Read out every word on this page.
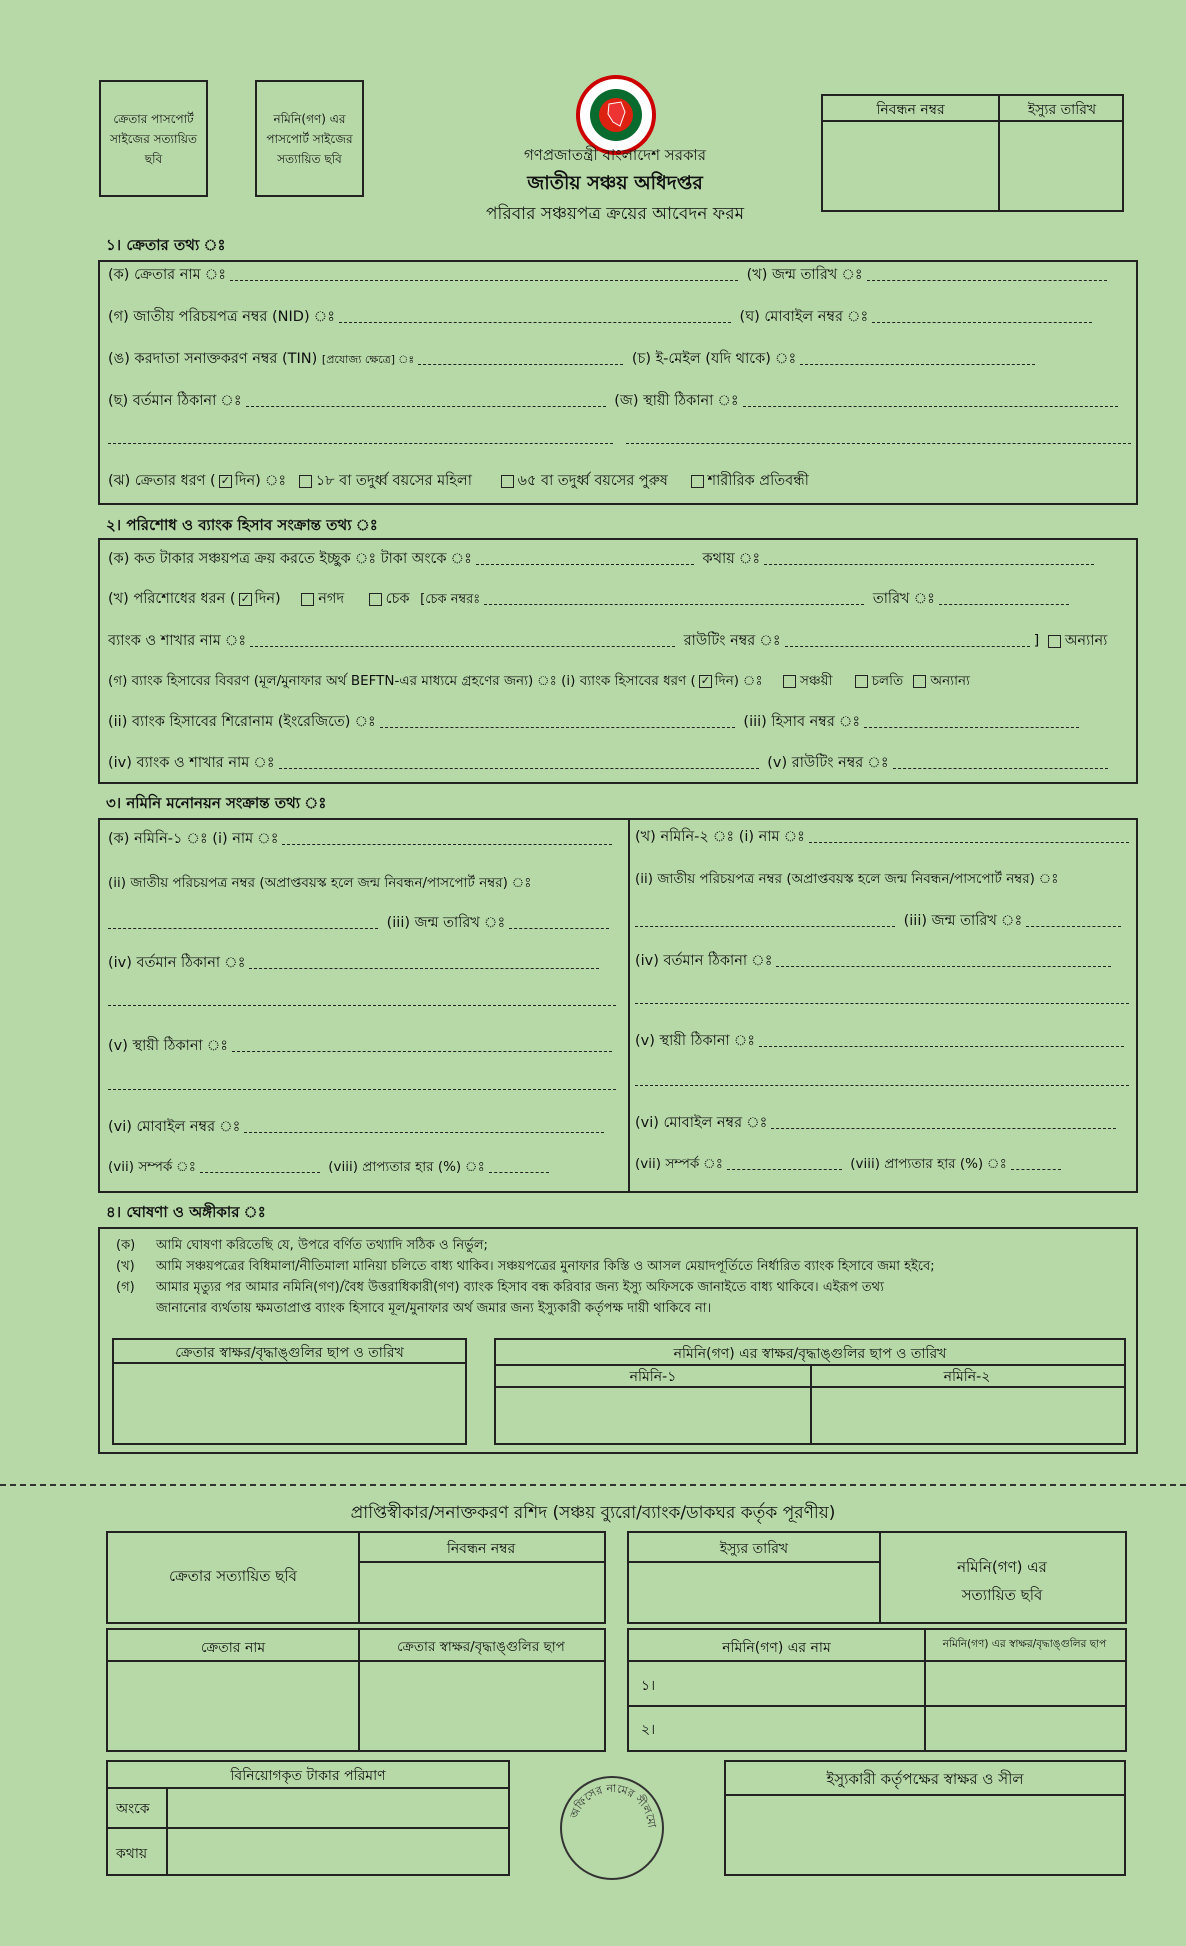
ক্রেতার পাসপোর্ট সাইজের সত্যায়িত ছবি
নমিনি(গণ) এর পাসপোর্ট সাইজের সত্যায়িত ছবি	গণপ্রজাতন্ত্রী বাংলাদেশ সরকার
জাতীয় সঞ্চয় অধিদপ্তর
পরিবার সঞ্চয়পত্র ক্রয়ের আবেদন ফরম
নিবন্ধন নম্বর	ইস্যুর তারিখ
১। ক্রেতার তথ্য ঃ
(ক) ক্রেতার নাম ঃ	(খ) জন্ম তারিখ ঃ
(গ) জাতীয় পরিচয়পত্র নম্বর (NID) ঃ	(ঘ) মোবাইল নম্বর ঃ
(ঙ) করদাতা সনাক্তকরণ নম্বর (TIN) [প্রযোজ্য ক্ষেত্রে] ঃ	(চ) ই-মেইল (যদি থাকে) ঃ
(ছ) বর্তমান ঠিকানা ঃ	(জ) স্থায়ী ঠিকানা ঃ

(ঝ) ক্রেতার ধরণ ( ✓ দিন) ঃ ১৮ বা তদুর্ধ্ব বয়সের মহিলা	৬৫ বা তদুর্ধ্ব বয়সের পুরুষ	শারীরিক প্রতিবন্ধী
২। পরিশোধ ও ব্যাংক হিসাব সংক্রান্ত তথ্য ঃ
(ক) কত টাকার সঞ্চয়পত্র ক্রয় করতে ইচ্ছুক ঃ টাকা অংকে ঃ	কথায় ঃ
(খ) পরিশোধের ধরন ( ✓ দিন)	নগদ	চেক [চেক নম্বরঃ	তারিখ ঃ
ব্যাংক ও শাখার নাম ঃ	রাউটিং নম্বর ঃ	] অন্যান্য
(গ) ব্যাংক হিসাবের বিবরণ (মূল/মুনাফার অর্থ BEFTN-এর মাধ্যমে গ্রহণের জন্য) ঃ (i) ব্যাংক হিসাবের ধরণ ( ✓ দিন) ঃ	সঞ্চয়ী	চলতি অন্যান্য
(ii) ব্যাংক হিসাবের শিরোনাম (ইংরেজিতে) ঃ	(iii) হিসাব নম্বর ঃ
(iv) ব্যাংক ও শাখার নাম ঃ	(v) রাউটিং নম্বর ঃ
৩। নমিনি মনোনয়ন সংক্রান্ত তথ্য ঃ
(ক) নমিনি-১ ঃ (i) নাম ঃ
(ii) জাতীয় পরিচয়পত্র নম্বর (অপ্রাপ্তবয়স্ক হলে জন্ম নিবন্ধন/পাসপোর্ট নম্বর) ঃ
(iii) জন্ম তারিখ ঃ
(iv) বর্তমান ঠিকানা ঃ
(v) স্থায়ী ঠিকানা ঃ
(vi) মোবাইল নম্বর ঃ
(vii) সম্পর্ক ঃ	(viii) প্রাপ্যতার হার (%) ঃ
(খ) নমিনি-২ ঃ (i) নাম ঃ
(ii) জাতীয় পরিচয়পত্র নম্বর (অপ্রাপ্তবয়স্ক হলে জন্ম নিবন্ধন/পাসপোর্ট নম্বর) ঃ
(iii) জন্ম তারিখ ঃ
(iv) বর্তমান ঠিকানা ঃ
(v) স্থায়ী ঠিকানা ঃ
(vi) মোবাইল নম্বর ঃ
(vii) সম্পর্ক ঃ	(viii) প্রাপ্যতার হার (%) ঃ
৪। ঘোষণা ও অঙ্গীকার ঃ
(ক) আমি ঘোষণা করিতেছি যে, উপরে বর্ণিত তথ্যাদি সঠিক ও নির্ভুল;
(খ) আমি সঞ্চয়পত্রের বিধিমালা/নীতিমালা মানিয়া চলিতে বাধ্য থাকিব। সঞ্চয়পত্রের মুনাফার কিস্তি ও আসল মেয়াদপূর্তিতে নির্ধারিত ব্যাংক হিসাবে জমা হইবে;
(গ) আমার মৃত্যুর পর আমার নমিনি(গণ)/বৈধ উত্তরাধিকারী(গণ) ব্যাংক হিসাব বন্ধ করিবার জন্য ইস্যু অফিসকে জানাইতে বাধ্য থাকিবে। এইরূপ তথ্য
জানানোর ব্যর্থতায় ক্ষমতাপ্রাপ্ত ব্যাংক হিসাবে মূল/মুনাফার অর্থ জমার জন্য ইস্যুকারী কর্তৃপক্ষ দায়ী থাকিবে না।
ক্রেতার স্বাক্ষর/বৃদ্ধাঙ্গুলির ছাপ ও তারিখ	নমিনি(গণ) এর স্বাক্ষর/বৃদ্ধাঙ্গুলির ছাপ ও তারিখ
নমিনি-১	নমিনি-২
প্রাপ্তিস্বীকার/সনাক্তকরণ রশিদ (সঞ্চয় ব্যুরো/ব্যাংক/ডাকঘর কর্তৃক পূরণীয়)
ক্রেতার সত্যায়িত ছবি
নিবন্ধন নম্বর	ইস্যুর তারিখ
নমিনি(গণ) এর
সত্যায়িত ছবি
ক্রেতার নাম	ক্রেতার স্বাক্ষর/বৃদ্ধাঙ্গুলির ছাপ	নমিনি(গণ) এর নাম	নমিনি(গণ) এর স্বাক্ষর/বৃদ্ধাঙ্গুলির ছাপ
১।
২।
বিনিয়োগকৃত টাকার পরিমাণ
অংকে
কথায়
অফিসের নামের সীলমো
ইস্যুকারী কর্তৃপক্ষের স্বাক্ষর ও সীল
